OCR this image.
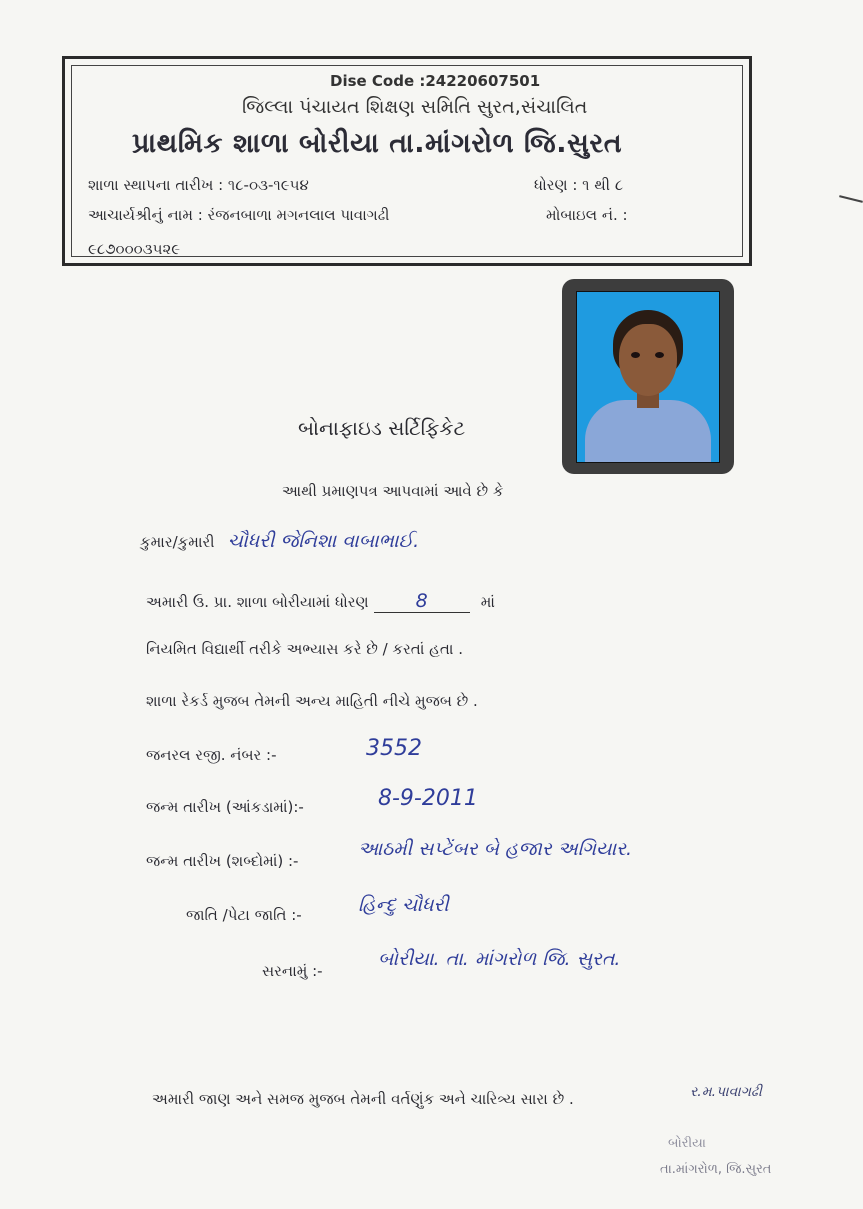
Dise Code :24220607501
જિલ્લા પંચાયત શિક્ષણ સમિતિ સુરત,સંચાલિત
પ્રાથમિક શાળા બોરીયા તા.માંગરોળ જિ.સુરત
શાળા સ્થાપના તારીખ : ૧૮-૦૩-૧૯૫૪	ધોરણ : ૧ થી ૮
આચાર્યશ્રીનું નામ : રંજનબાળા મગનલાલ પાવાગઢી	મોબાઇલ નં. :
૯૮૭૦૦૦૩૫૨૯
બોનાફાઇડ સર્ટિફિકેટ
આથી પ્રમાણપત્ર આપવામાં આવે છે કે
કુમાર/કુમારી ચૌધરી જેનિશા વાબાભાઈ.
અમારી ઉ. પ્રા. શાળા બોરીયામાં ધોરણ 8	માં
નિયમિત વિદ્યાર્થી તરીકે અભ્યાસ કરે છે / કરતાં હતા .
શાળા રેકર્ડ મુજબ તેમની અન્ય માહિતી નીચે મુજબ છે .
જનરલ રજી. નંબર :-	3552
જન્મ તારીખ (આંકડામાં):-	8-9-2011
જન્મ તારીખ (શબ્દોમાં) :-
આઠમી સપ્ટેંબર બે હજાર અગિયાર.
જાતિ /પેટા જાતિ :-	હિન્દુ ચૌધરી
સરનામું :-
બોરીયા. તા. માંગરોળ જિ. સુરત.
અમારી જાણ અને સમજ મુજબ તેમની વર્તણુંક અને ચારિત્ર્ય સારા છે .	ર.મ.પાવાગઢી
બોરીયા
તા.માંગરોળ, જિ.સુરત
